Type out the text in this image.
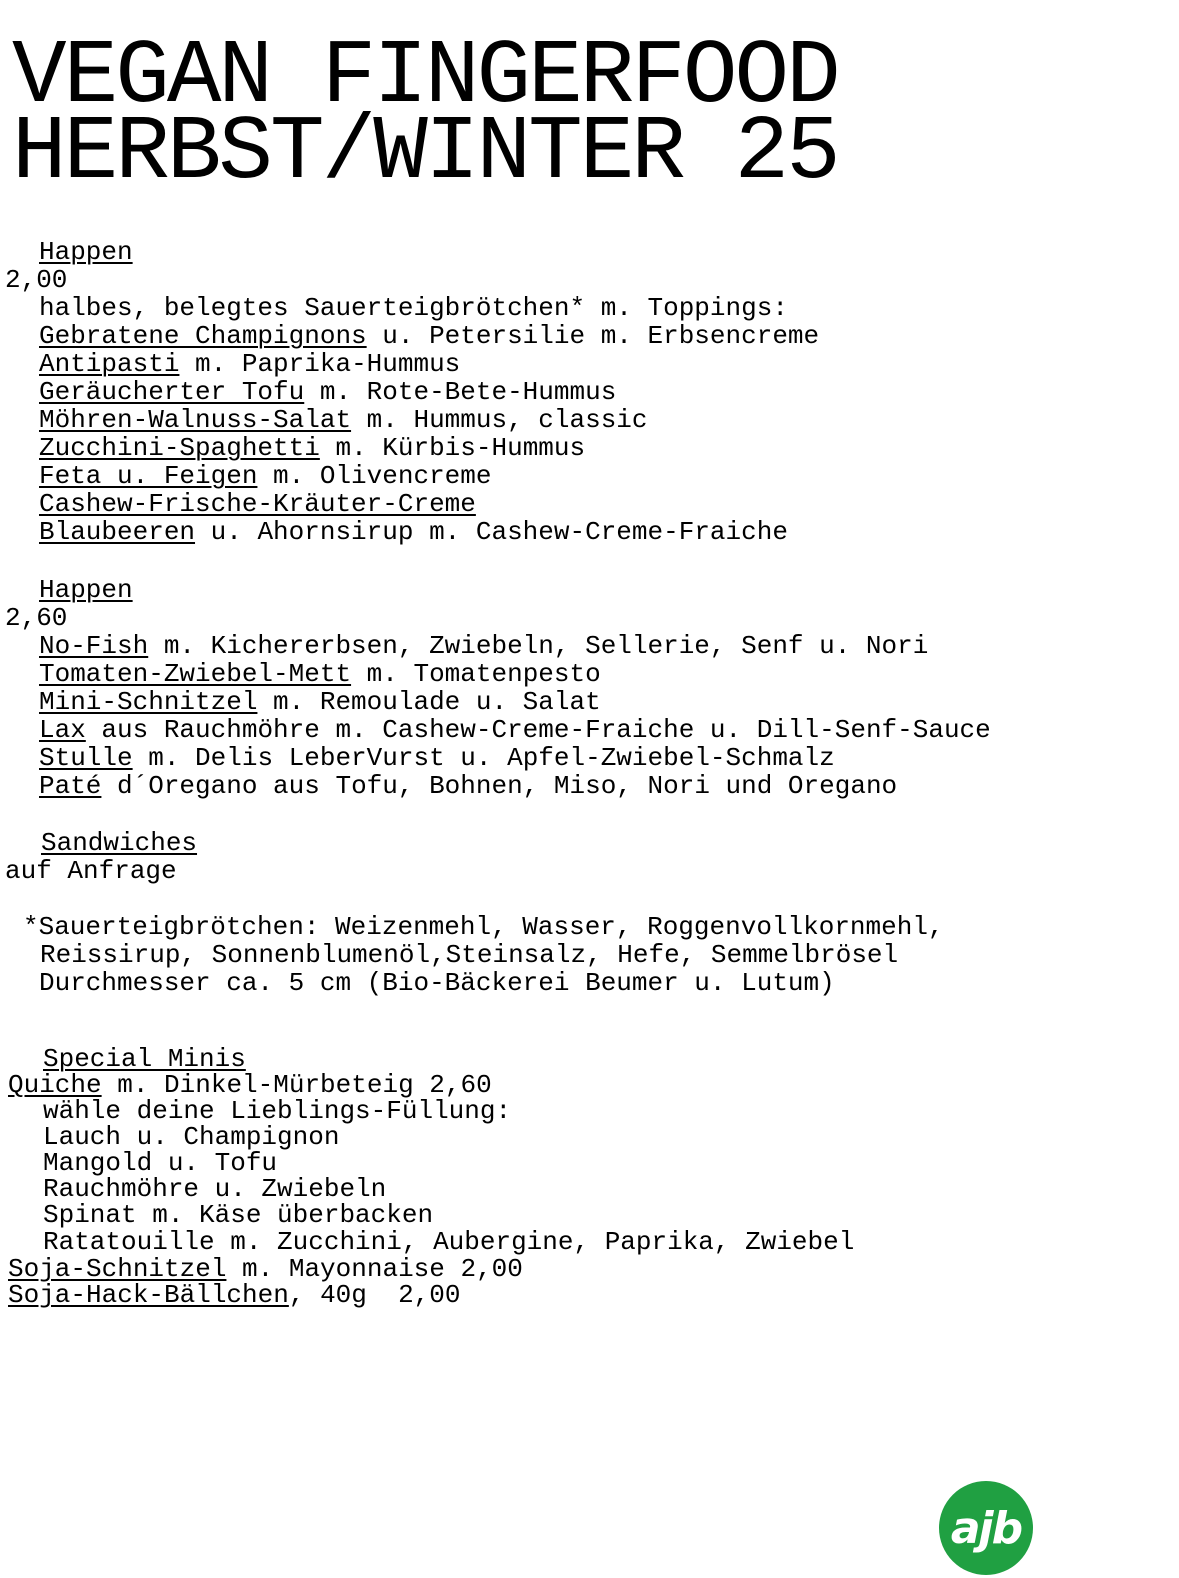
VEGAN FINGERFOOD
HERBST/WINTER 25
Happen
2,00
halbes, belegtes Sauerteigbrötchen* m. Toppings:
Gebratene Champignons u. Petersilie m. Erbsencreme
Antipasti m. Paprika-Hummus
Geräucherter Tofu m. Rote-Bete-Hummus
Möhren-Walnuss-Salat m. Hummus, classic
Zucchini-Spaghetti m. Kürbis-Hummus
Feta u. Feigen m. Olivencreme
Cashew-Frische-Kräuter-Creme
Blaubeeren u. Ahornsirup m. Cashew-Creme-Fraiche
Happen
2,60
No-Fish m. Kichererbsen, Zwiebeln, Sellerie, Senf u. Nori
Tomaten-Zwiebel-Mett m. Tomatenpesto
Mini-Schnitzel m. Remoulade u. Salat
Lax aus Rauchmöhre m. Cashew-Creme-Fraiche u. Dill-Senf-Sauce
Stulle m. Delis LeberVurst u. Apfel-Zwiebel-Schmalz
Paté d´Oregano aus Tofu, Bohnen, Miso, Nori und Oregano
Sandwiches
auf Anfrage
*Sauerteigbrötchen: Weizenmehl, Wasser, Roggenvollkornmehl,
Reissirup, Sonnenblumenöl,Steinsalz, Hefe, Semmelbrösel
Durchmesser ca. 5 cm (Bio-Bäckerei Beumer u. Lutum)
Special Minis
Quiche m. Dinkel-Mürbeteig 2,60
wähle deine Lieblings-Füllung:
Lauch u. Champignon
Mangold u. Tofu
Rauchmöhre u. Zwiebeln
Spinat m. Käse überbacken
Ratatouille m. Zucchini, Aubergine, Paprika, Zwiebel
Soja-Schnitzel m. Mayonnaise 2,00
Soja-Hack-Bällchen, 40g  2,00
ajb
